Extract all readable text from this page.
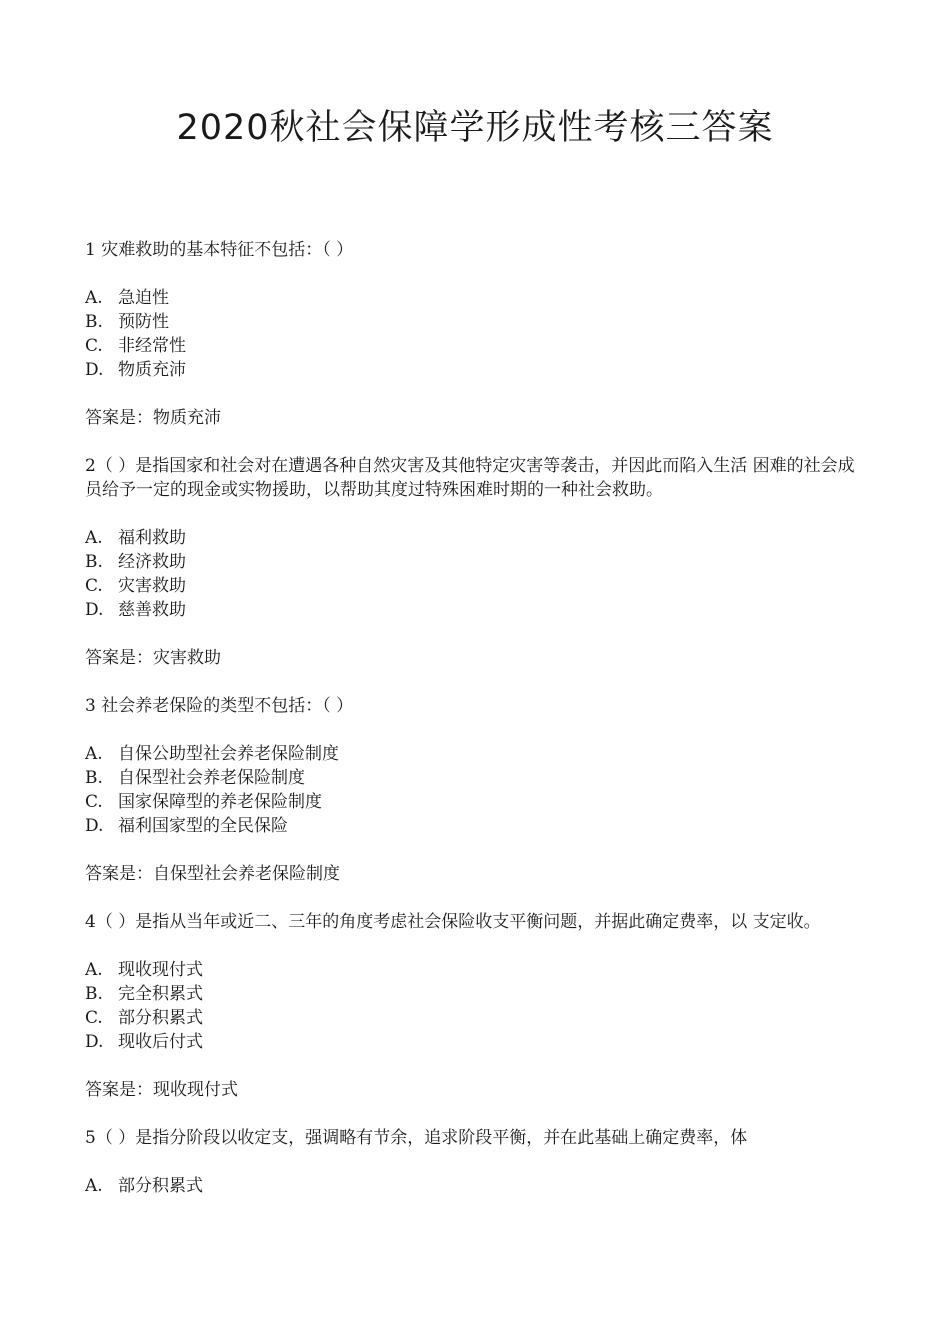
2020秋社会保障学形成性考核三答案

1 灾难救助的基本特征不包括：（ ）

A. 急迫性
B. 预防性
C. 非经常性
D. 物质充沛

答案是：物质充沛

2（ ）是指国家和社会对在遭遇各种自然灾害及其他特定灾害等袭击，并因此而陷入生活 困难的社会成员给予一定的现金或实物援助，以帮助其度过特殊困难时期的一种社会救助。

A. 福利救助
B. 经济救助
C. 灾害救助
D. 慈善救助

答案是：灾害救助

3 社会养老保险的类型不包括：（ ）

A. 自保公助型社会养老保险制度
B. 自保型社会养老保险制度
C. 国家保障型的养老保险制度
D. 福利国家型的全民保险

答案是：自保型社会养老保险制度

4（ ）是指从当年或近二、三年的角度考虑社会保险收支平衡问题，并据此确定费率，以 支定收。

A. 现收现付式
B. 完全积累式
C. 部分积累式
D. 现收后付式

答案是：现收现付式

5（ ）是指分阶段以收定支，强调略有节余，追求阶段平衡，并在此基础上确定费率，体

A. 部分积累式
